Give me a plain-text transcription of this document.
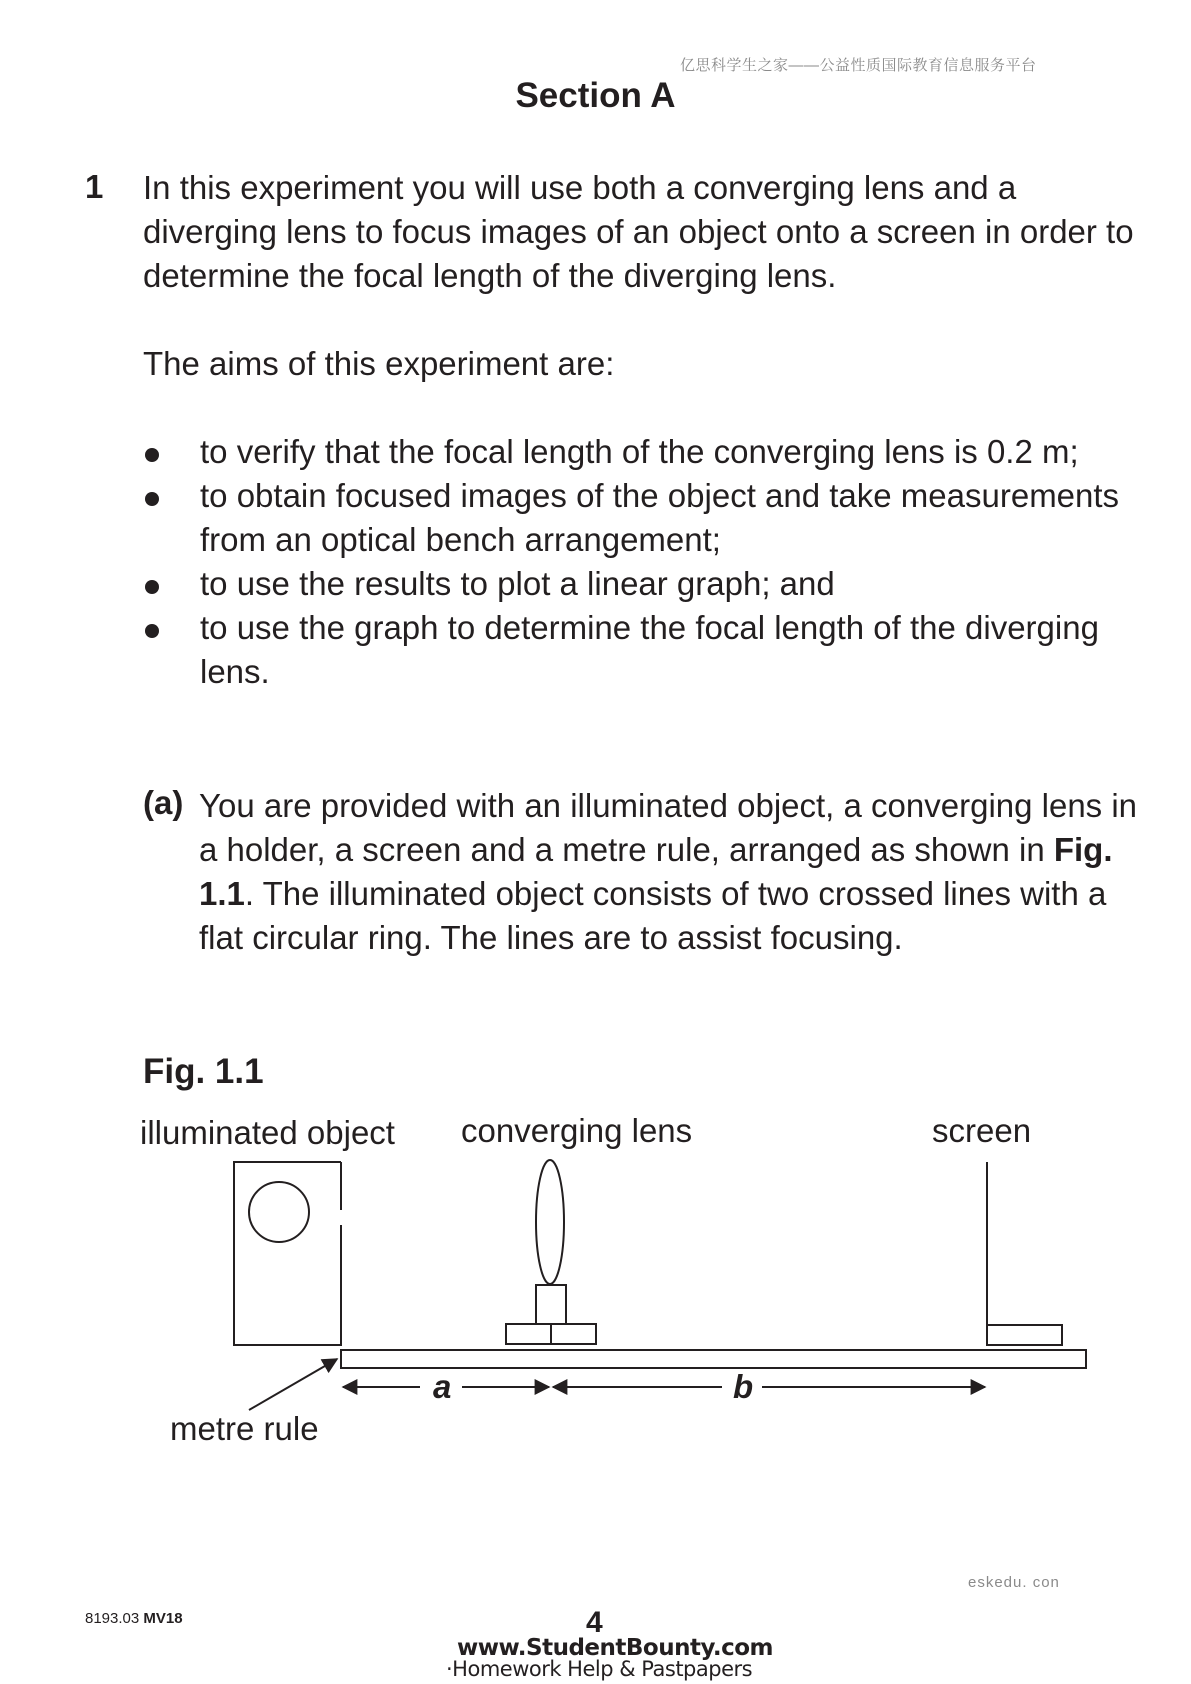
亿思科学生之家——公益性质国际教育信息服务平台
Section A
1 In this experiment you will use both a converging lens and a diverging lens to focus images of an object onto a screen in order to determine the focal length of the diverging lens.
The aims of this experiment are:
to verify that the focal length of the converging lens is 0.2 m;
to obtain focused images of the object and take measurements from an optical bench arrangement;
to use the results to plot a linear graph; and
to use the graph to determine the focal length of the diverging lens.
(a) You are provided with an illuminated object, a converging lens in a holder, a screen and a metre rule, arranged as shown in Fig. 1.1. The illuminated object consists of two crossed lines with a flat circular ring. The lines are to assist focusing.
Fig. 1.1
illuminated object converging lens	screen
metre rule
a	b
eskedu. con
8193.03 MV18	4
www.StudentBounty.com
·Homework Help & Pastpapers
